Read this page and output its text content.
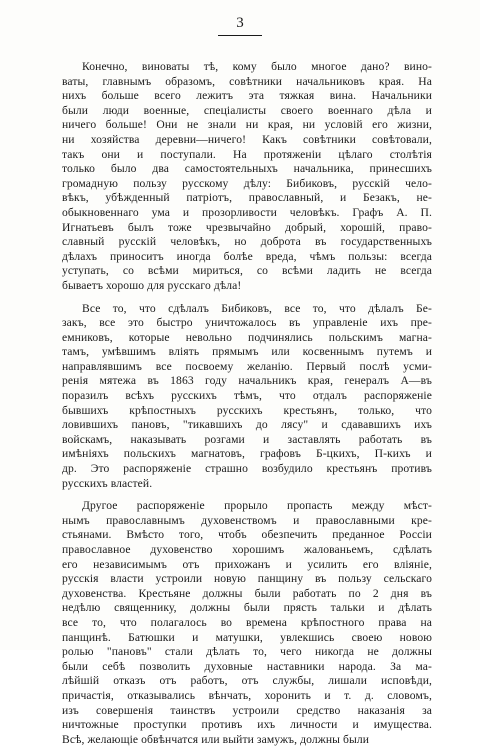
3

Конечно, виноваты тѣ, кому было многое дано? вино-
ваты, главнымъ образомъ, совѣтники начальниковъ края. На
нихъ больше всего лежитъ эта тяжкая вина. Начальники
были люди военные, спеціалисты своего военнаго дѣла и
ничего больше! Они не знали ни края, ни условій его жизни,
ни хозяйства деревни—ничего! Какъ совѣтники совѣтовали,
такъ они и поступали. На протяженіи цѣлаго столѣтія
только было два самостоятельныхъ начальника, принесшихъ
громадную пользу русскому дѣлу: Бибиковъ, русскій чело-
вѣкъ, убѣжденный патріотъ, православный, и Безакъ, не-
обыкновеннаго ума и прозорливости человѣкъ. Графъ А. П.
Игнатьевъ былъ тоже чрезвычайно добрый, хорошій, право-
славный русскій человѣкъ, но доброта въ государственныхъ
дѣлахъ приноситъ иногда болѣе вреда, чѣмъ пользы: всегда
уступать, со всѣми мириться, со всѣми ладить не всегда
бываетъ хорошо для русскаго дѣла!

Все то, что сдѣлалъ Бибиковъ, все то, что дѣлалъ Бе-
закъ, все это быстро уничтожалось въ управленіе ихъ пре-
емниковъ, которые невольно подчинялись польскимъ магна-
тамъ, умѣвшимъ вліять прямымъ или косвеннымъ путемъ и
направлявшимъ все посвоему желанію. Первый послѣ усми-
ренія мятежа въ 1863 году начальникъ края, генералъ А—въ
поразилъ всѣхъ русскихъ тѣмъ, что отдалъ распоряженіе
бывшихъ крѣпостныхъ русскихъ крестьянъ, только, что
ловившихъ пановъ, "тикавшихъ до лясу" и сдававшихъ ихъ
войскамъ, наказывать розгами и заставлять работать въ
имѣніяхъ польскихъ магнатовъ, графовъ Б-цкихъ, П-кихъ и
др. Это распоряженіе страшно возбудило крестьянъ противъ
русскихъ властей.

Другое распоряженіе прорыло пропасть между мѣст-
нымъ православнымъ духовенствомъ и православными кре-
стьянами. Вмѣсто того, чтобъ обезпечить преданное Россіи
православное духовенство хорошимъ жалованьемъ, сдѣлать
его независимымъ отъ прихожанъ и усилить его вліяніе,
русскія власти устроили новую панщину въ пользу сельскаго
духовенства. Крестьяне должны были работать по 2 дня въ
недѣлю священнику, должны были прясть тальки и дѣлать
все то, что полагалось во времена крѣпостного права на
панщинѣ. Батюшки и матушки, увлекшись своею новою
ролью "пановъ" стали дѣлать то, чего никогда не должны
были себѣ позволить духовные наставники народа. За ма-
лѣйшій отказъ отъ работъ, отъ службы, лишали исповѣди,
причастія, отказывались вѣнчать, хоронить и т. д. словомъ,
изъ совершенія таинствъ устроили средство наказанія за
ничтожные проступки противъ ихъ личности и имущества.
Всѣ, желающіе обвѣнчатся или выйти замужъ, должны были
